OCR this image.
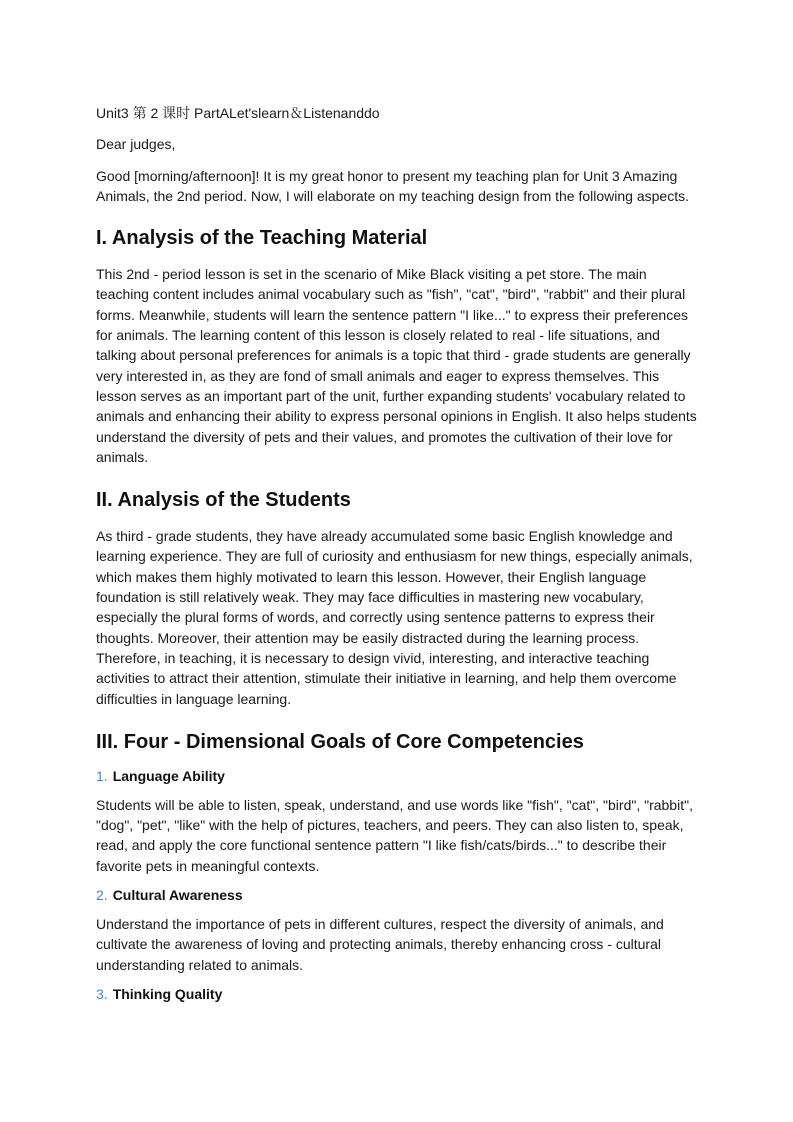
Unit3 第 2 课时 PartALet'slearn＆Listenanddo

Dear judges,

Good [morning/afternoon]! It is my great honor to present my teaching plan for Unit 3 Amazing Animals, the 2nd period. Now, I will elaborate on my teaching design from the following aspects.

I. Analysis of the Teaching Material

This 2nd - period lesson is set in the scenario of Mike Black visiting a pet store. The main teaching content includes animal vocabulary such as "fish", "cat", "bird", "rabbit" and their plural forms. Meanwhile, students will learn the sentence pattern "I like..." to express their preferences for animals. The learning content of this lesson is closely related to real - life situations, and talking about personal preferences for animals is a topic that third - grade students are generally very interested in, as they are fond of small animals and eager to express themselves. This lesson serves as an important part of the unit, further expanding students' vocabulary related to animals and enhancing their ability to express personal opinions in English. It also helps students understand the diversity of pets and their values, and promotes the cultivation of their love for animals.

II. Analysis of the Students

As third - grade students, they have already accumulated some basic English knowledge and learning experience. They are full of curiosity and enthusiasm for new things, especially animals, which makes them highly motivated to learn this lesson. However, their English language foundation is still relatively weak. They may face difficulties in mastering new vocabulary, especially the plural forms of words, and correctly using sentence patterns to express their thoughts. Moreover, their attention may be easily distracted during the learning process. Therefore, in teaching, it is necessary to design vivid, interesting, and interactive teaching activities to attract their attention, stimulate their initiative in learning, and help them overcome difficulties in language learning.

III. Four - Dimensional Goals of Core Competencies
1. Language Ability

Students will be able to listen, speak, understand, and use words like "fish", "cat", "bird", "rabbit", "dog", "pet", "like" with the help of pictures, teachers, and peers. They can also listen to, speak, read, and apply the core functional sentence pattern "I like fish/cats/birds..." to describe their favorite pets in meaningful contexts.

2. Cultural Awareness

Understand the importance of pets in different cultures, respect the diversity of animals, and cultivate the awareness of loving and protecting animals, thereby enhancing cross - cultural understanding related to animals.

3. Thinking Quality
